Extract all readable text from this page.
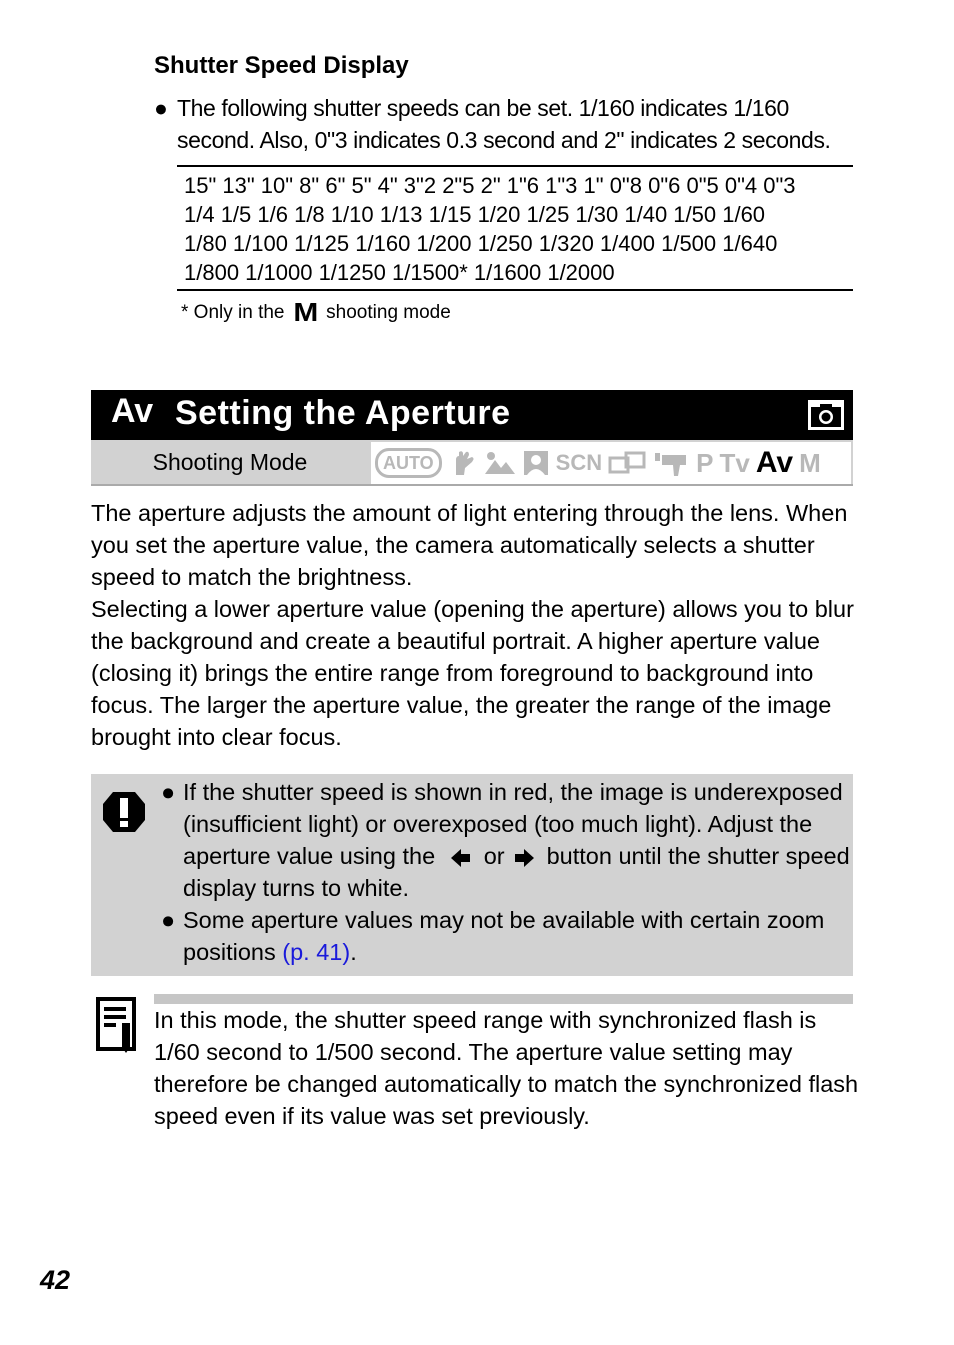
Shutter Speed Display
● The following shutter speeds can be set. 1/160 indicates 1/160 second. Also, 0"3 indicates 0.3 second and 2" indicates 2 seconds.
15" 13" 10" 8" 6" 5" 4" 3"2 2"5 2" 1"6 1"3 1" 0"8 0"6 0"5 0"4 0"3
1/4 1/5 1/6 1/8 1/10 1/13 1/15 1/20 1/25 1/30 1/40 1/50 1/60
1/80 1/100 1/125 1/160 1/200 1/250 1/320 1/400 1/500 1/640
1/800 1/1000 1/1250 1/1500* 1/1600 1/2000
* Only in the M shooting mode
Av Setting the Aperture
Shooting Mode	AUTO	SCN	P Tv Av M
The aperture adjusts the amount of light entering through the lens. When you set the aperture value, the camera automatically selects a shutter speed to match the brightness.
Selecting a lower aperture value (opening the aperture) allows you to blur the background and create a beautiful portrait. A higher aperture value (closing it) brings the entire range from foreground to background into focus. The larger the aperture value, the greater the range of the image brought into clear focus.
● If the shutter speed is shown in red, the image is underexposed (insufficient light) or overexposed (too much light). Adjust the aperture value using the or button until the shutter speed display turns to white.
● Some aperture values may not be available with certain zoom positions (p. 41).
In this mode, the shutter speed range with synchronized flash is 1/60 second to 1/500 second. The aperture value setting may therefore be changed automatically to match the synchronized flash speed even if its value was set previously.
42
